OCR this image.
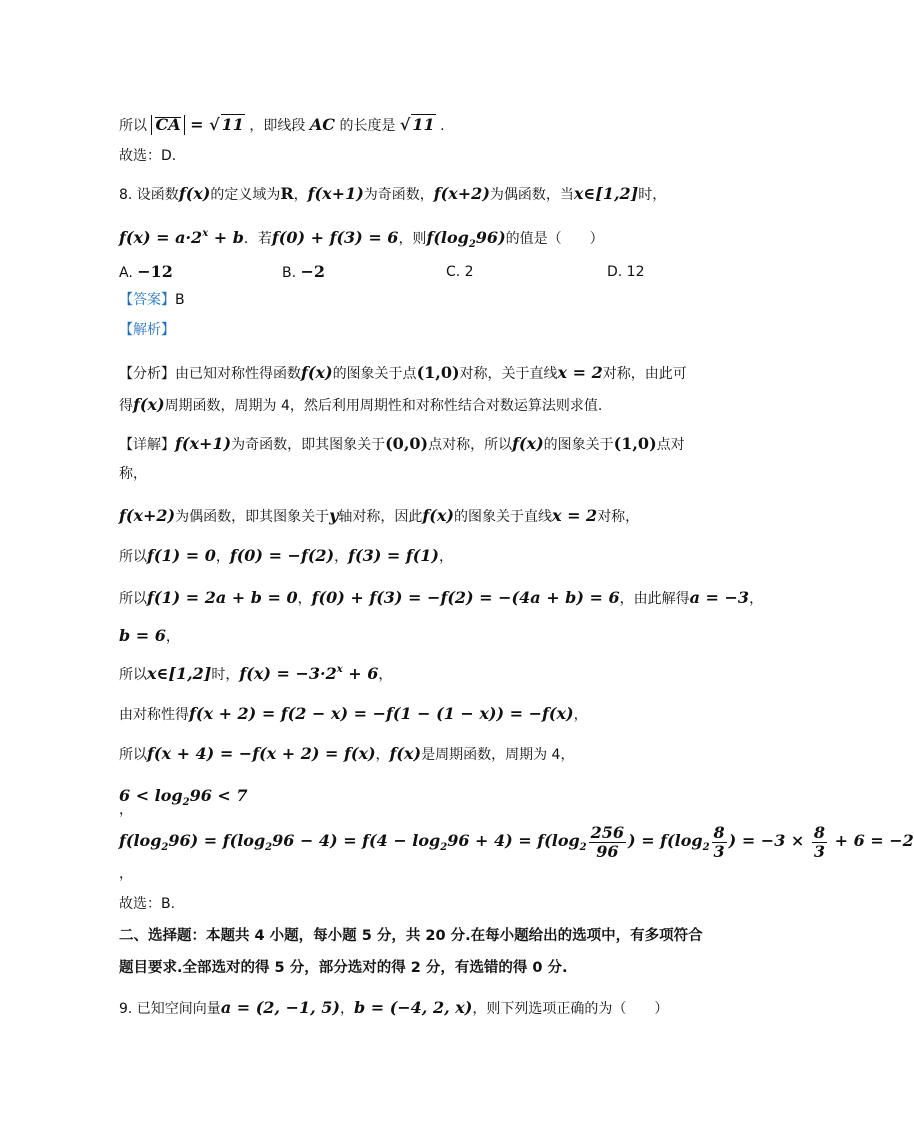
所以 CA = √ 11 ，即线段 AC 的长度是 √ 11 .
故选：D.
8. 设函数f(x)的定义域为R，f(x+1)为奇函数，f(x+2)为偶函数，当x∈[1,2]时，
$f(x) = a\cdot 2^x + b$．若f(0) + f(3) = 6，则$f(\log_296)$的值是（　　）
A. −12	B. −2	C. 2	D. 12
【答案】B
【解析】
【分析】由已知对称性得函数f(x)的图象关于点(1,0)对称，关于直线x = 2对称，由此可
得f(x)周期函数，周期为 4，然后利用周期性和对称性结合对数运算法则求值.
【详解】f(x+1)为奇函数，即其图象关于(0,0)点对称，所以f(x)的图象关于(1,0)点对
称，
f(x+2)为偶函数，即其图象关于y轴对称，因此f(x)的图象关于直线x = 2对称，
所以f(1) = 0，f(0) = −f(2)，f(3) = f(1)，
所以f(1) = 2a + b = 0，f(0) + f(3) = −f(2) = −(4a + b) = 6，由此解得a = −3，
b = 6，
所以x∈[1,2]时，$f(x) = -3\cdot 2^x + 6$，
由对称性得f(x + 2) = f(2 − x) = −f(1 − (1 − x)) = −f(x)，
所以f(x + 4) = −f(x + 2) = f(x)，f(x)是周期函数，周期为 4，
$6 < \log_296 < 7$
，
$f(\log_296) = f(\log_296 - 4) = f(4 - \log_296 + 4) = f(\log_2 \frac{256}{96}$ ) = $f(\log_2 \frac{8}{3}$ ) = $-3 \times \frac{8}{3} + 6 = -2$
，
故选：B.
二、选择题：本题共 4 小题，每小题 5 分，共 20 分.在每小题给出的选项中，有多项符合
题目要求.全部选对的得 5 分，部分选对的得 2 分，有选错的得 0 分.
9. 已知空间向量a = (2, −1, 5)，b = (−4, 2, x)，则下列选项正确的为（　　）
